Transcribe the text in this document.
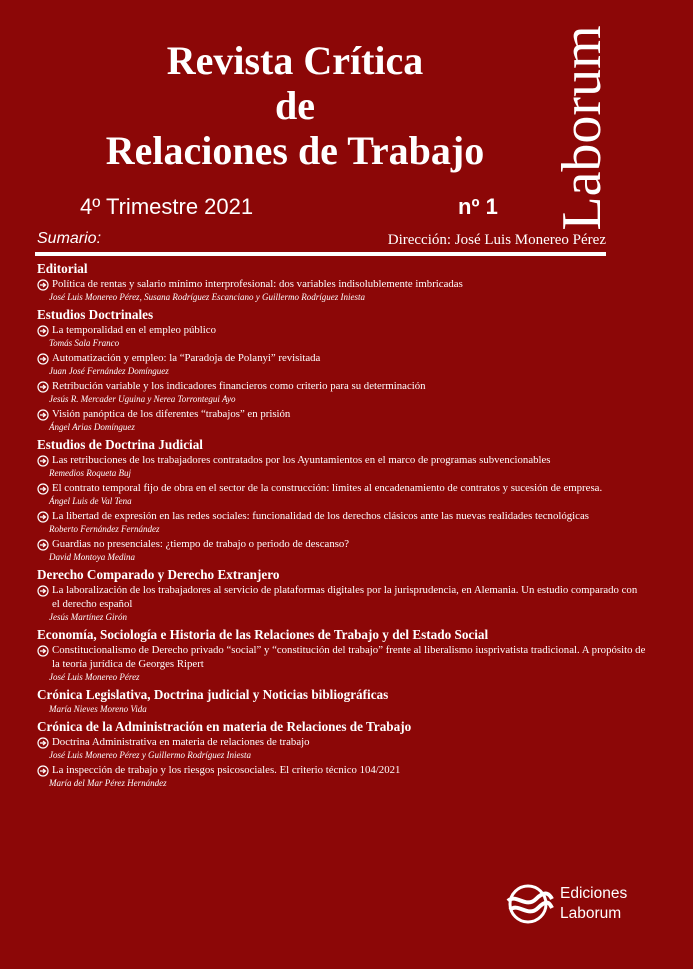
Revista Crítica
de
Relaciones de Trabajo	Laborum
4º Trimestre 2021	nº 1
Sumario:	Dirección: José Luis Monereo Pérez
Editorial
Política de rentas y salario mínimo interprofesional: dos variables indisolublemente imbricadas
José Luis Monereo Pérez, Susana Rodríguez Escanciano y Guillermo Rodríguez Iniesta
Estudios Doctrinales
La temporalidad en el empleo público
Tomás Sala Franco
Automatización y empleo: la “Paradoja de Polanyi” revisitada
Juan José Fernández Domínguez
Retribución variable y los indicadores financieros como criterio para su determinación
Jesús R. Mercader Uguina y Nerea Torrontegui Ayo
Visión panóptica de los diferentes “trabajos” en prisión
Ángel Arias Domínguez
Estudios de Doctrina Judicial
Las retribuciones de los trabajadores contratados por los Ayuntamientos en el marco de programas subvencionables
Remedios Roqueta Buj
El contrato temporal fijo de obra en el sector de la construcción: límites al encadenamiento de contratos y sucesión de empresa.
Ángel Luis de Val Tena
La libertad de expresión en las redes sociales: funcionalidad de los derechos clásicos ante las nuevas realidades tecnológicas
Roberto Fernández Fernández
Guardias no presenciales: ¿tiempo de trabajo o periodo de descanso?
David Montoya Medina
Derecho Comparado y Derecho Extranjero
La laboralización de los trabajadores al servicio de plataformas digitales por la jurisprudencia, en Alemania. Un estudio comparado con el derecho español
Jesús Martínez Girón
Economía, Sociología e Historia de las Relaciones de Trabajo y del Estado Social
Constitucionalismo de Derecho privado “social” y “constitución del trabajo” frente al liberalismo iusprivatista tradicional. A propósito de la teoría jurídica de Georges Ripert
José Luis Monereo Pérez
Crónica Legislativa, Doctrina judicial y Noticias bibliográficas
María Nieves Moreno Vida
Crónica de la Administración en materia de Relaciones de Trabajo
Doctrina Administrativa en materia de relaciones de trabajo
José Luis Monereo Pérez y Guillermo Rodríguez Iniesta
La inspección de trabajo y los riesgos psicosociales. El criterio técnico 104/2021
María del Mar Pérez Hernández
Ediciones
Laborum
